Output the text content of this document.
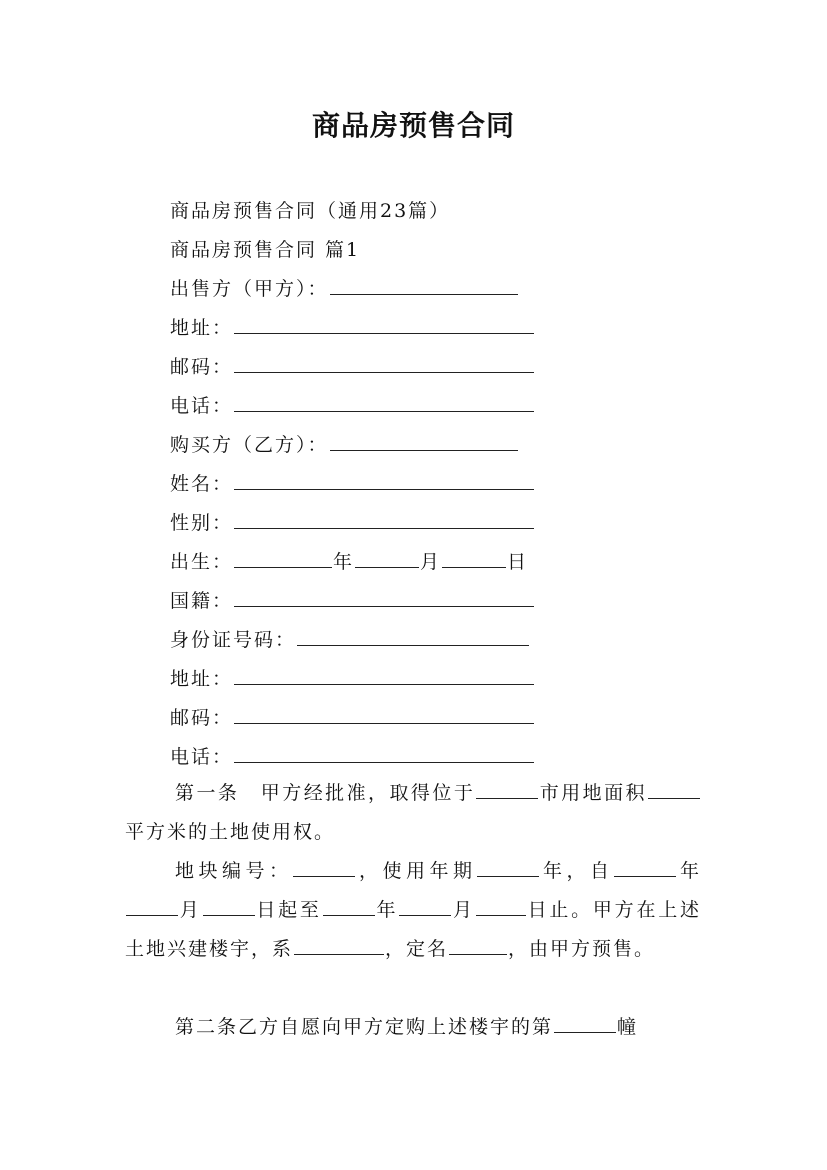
商品房预售合同
商品房预售合同（通用23篇）
商品房预售合同 篇1
出售方（甲方）：
地址：
邮码：
电话：
购买方（乙方）：
姓名：
性别：
出生：	年	月	日
国籍：
身份证号码：
地址：
邮码：
电话：
第一条　甲方经批准，取得位于	市用地面积平方米的土地使用权。
地块编号：	，使用年期	年，自	年月	日起至	年	月	日止。甲方在上述土地兴建楼宇，系	，定名	，由甲方预售。
第二条乙方自愿向甲方定购上述楼宇的第	幢
